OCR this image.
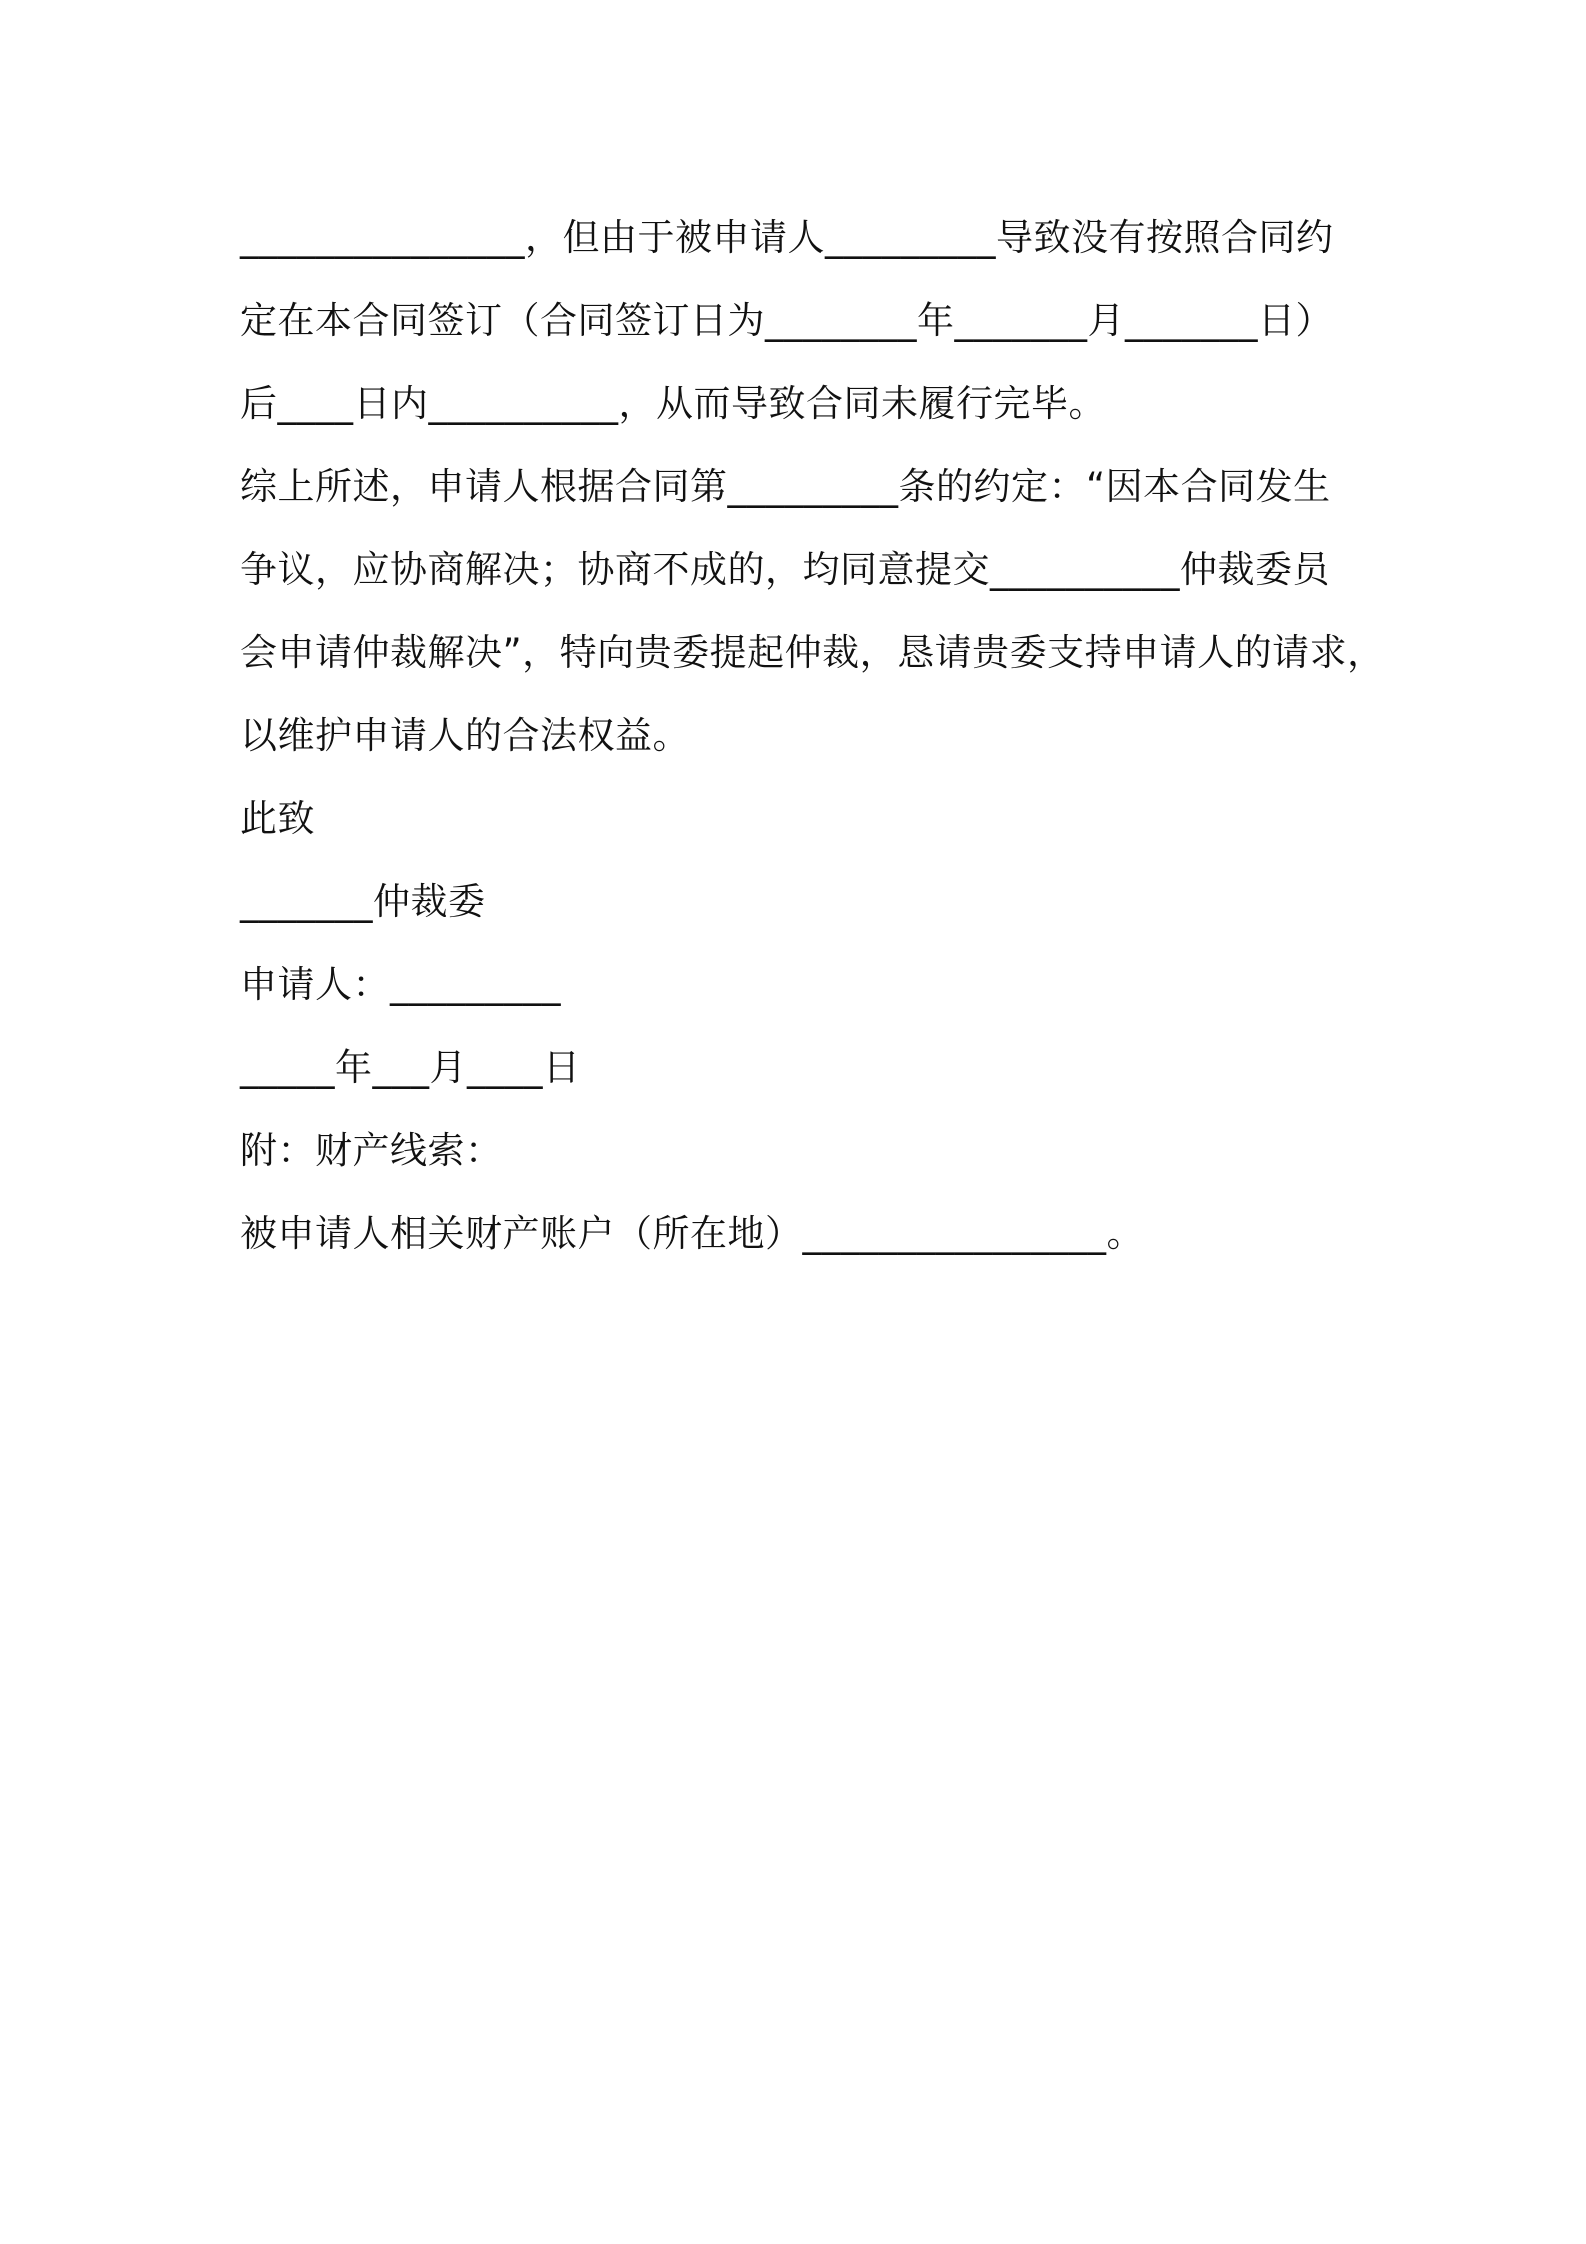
_______________，但由于被申请人_________导致没有按照合同约
定在本合同签订（合同签订日为________年_______月_______日）
后____日内__________，从而导致合同未履行完毕。
综上所述，申请人根据合同第_________条的约定：“因本合同发生
争议，应协商解决；协商不成的，均同意提交__________仲裁委员
会申请仲裁解决”，特向贵委提起仲裁，恳请贵委支持申请人的请求，
以维护申请人的合法权益。
此致
_______仲裁委
申请人：_________
_____年___月____日
附：财产线索：
被申请人相关财产账户（所在地）________________。
